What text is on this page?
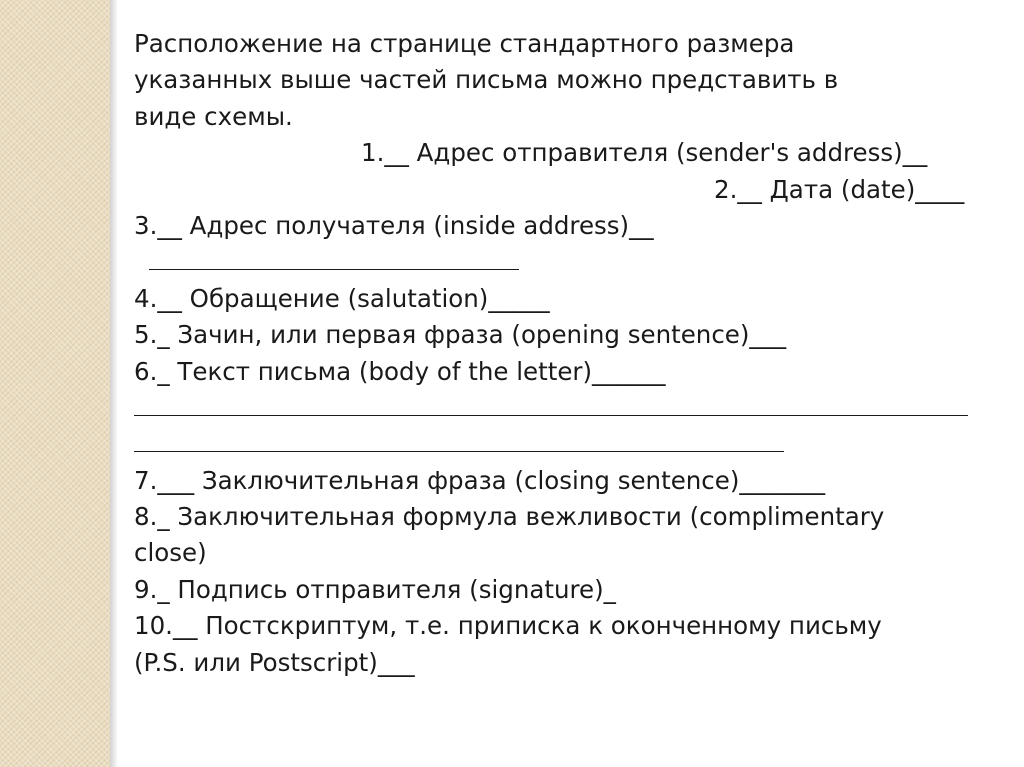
Расположение на странице стандартного размера
указанных выше частей письма можно представить в
виде схемы.
1.__ Адрес отправителя (sender's address)__
2.__ Дата (date)____
3.__ Адрес получателя (inside address)__
4.__ Обращение (salutation)_____
5._ Зачин, или первая фраза (opening sentence)___
6._ Текст письма (body of the letter)______
7.___ Заключительная фраза (closing sentence)_______
8._ Заключительная формула вежливости (complimentary
close)
9._ Подпись отправителя (signature)_
10.__ Постскриптум, т.е. приписка к оконченному письму
(P.S. или Postscript)___
